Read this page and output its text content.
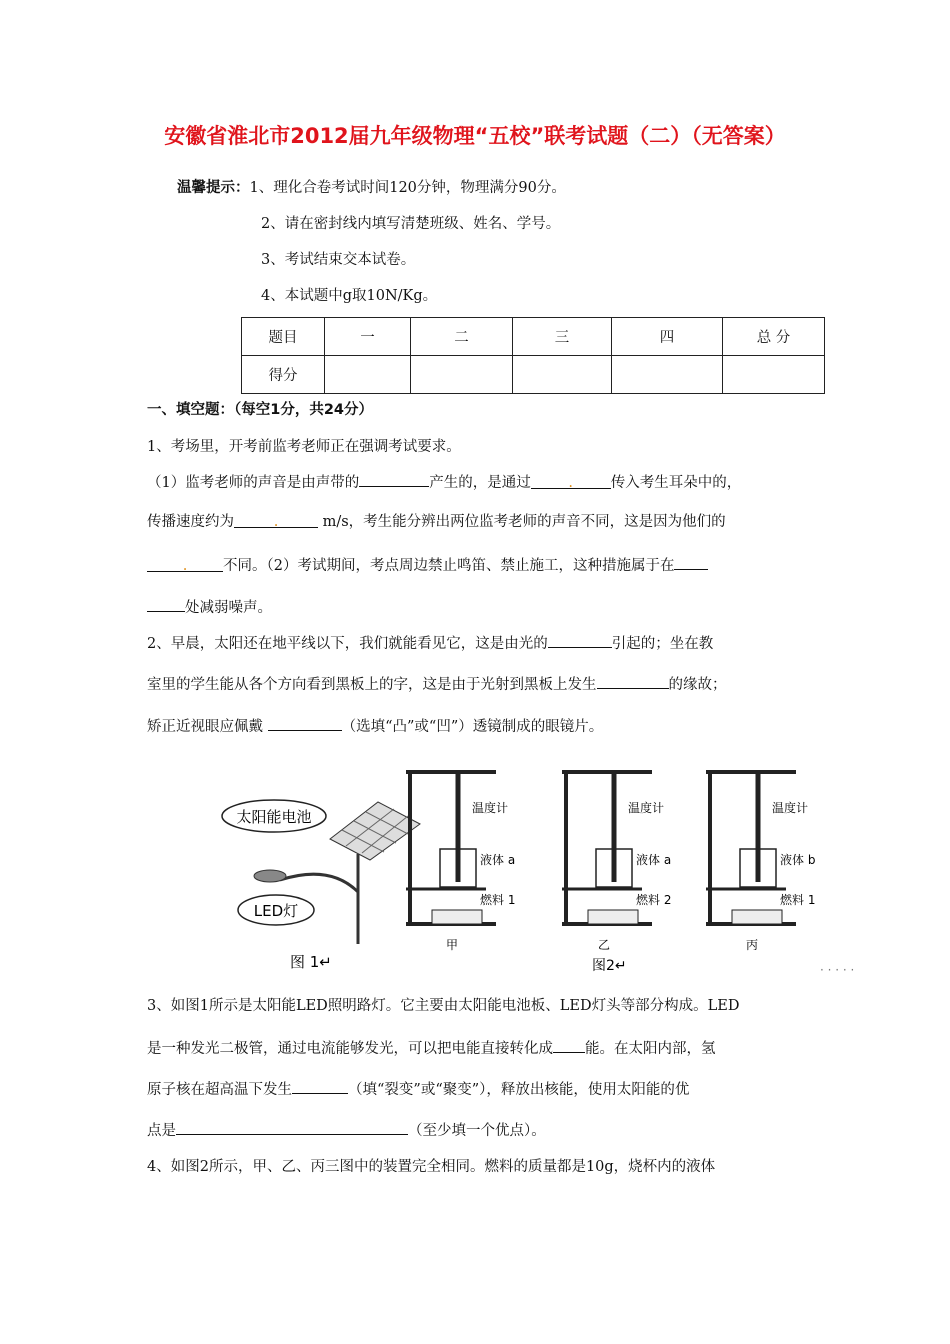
安徽省淮北市2012届九年级物理“五校”联考试题（二）（无答案）
温馨提示：1、理化合卷考试时间120分钟，物理满分90分。
2、请在密封线内填写清楚班级、姓名、学号。
3、考试结束交本试卷。
4、本试题中g取10N/Kg。
题目	一	二	三	四	总 分
得分					
一、填空题：（每空1分，共24分）
1、考场里，开考前监考老师正在强调考试要求。
（1）监考老师的声音是由声带的	产生的，是通过	.	传入考生耳朵中的，
传播速度约为	.	m/s，考生能分辨出两位监考老师的声音不同，这是因为他们的
. 不同。（2）考试期间，考点周边禁止鸣笛、禁止施工，这种措施属于在
处减弱噪声。
2、早晨，太阳还在地平线以下，我们就能看见它，这是由光的	引起的；坐在教
室里的学生能从各个方向看到黑板上的字，这是由于光射到黑板上发生	的缘故；
矫正近视眼应佩戴	（选填“凸”或“凹”）透镜制成的眼镜片。
太阳能电池
LED灯
图 1↵
温度计
液体 a
燃料 1
甲
温度计
液体 a
燃料 2
乙
图2↵
温度计
液体 b
燃料 1
丙
· · · · ·
3、如图1所示是太阳能LED照明路灯。它主要由太阳能电池板、LED灯头等部分构成。LED
是一种发光二极管，通过电流能够发光，可以把电能直接转化成 能。在太阳内部，氢
原子核在超高温下发生	（填“裂变”或“聚变”），释放出核能，使用太阳能的优
点是	（至少填一个优点）。
4、如图2所示，甲、乙、丙三图中的装置完全相同。燃料的质量都是10g，烧杯内的液体
